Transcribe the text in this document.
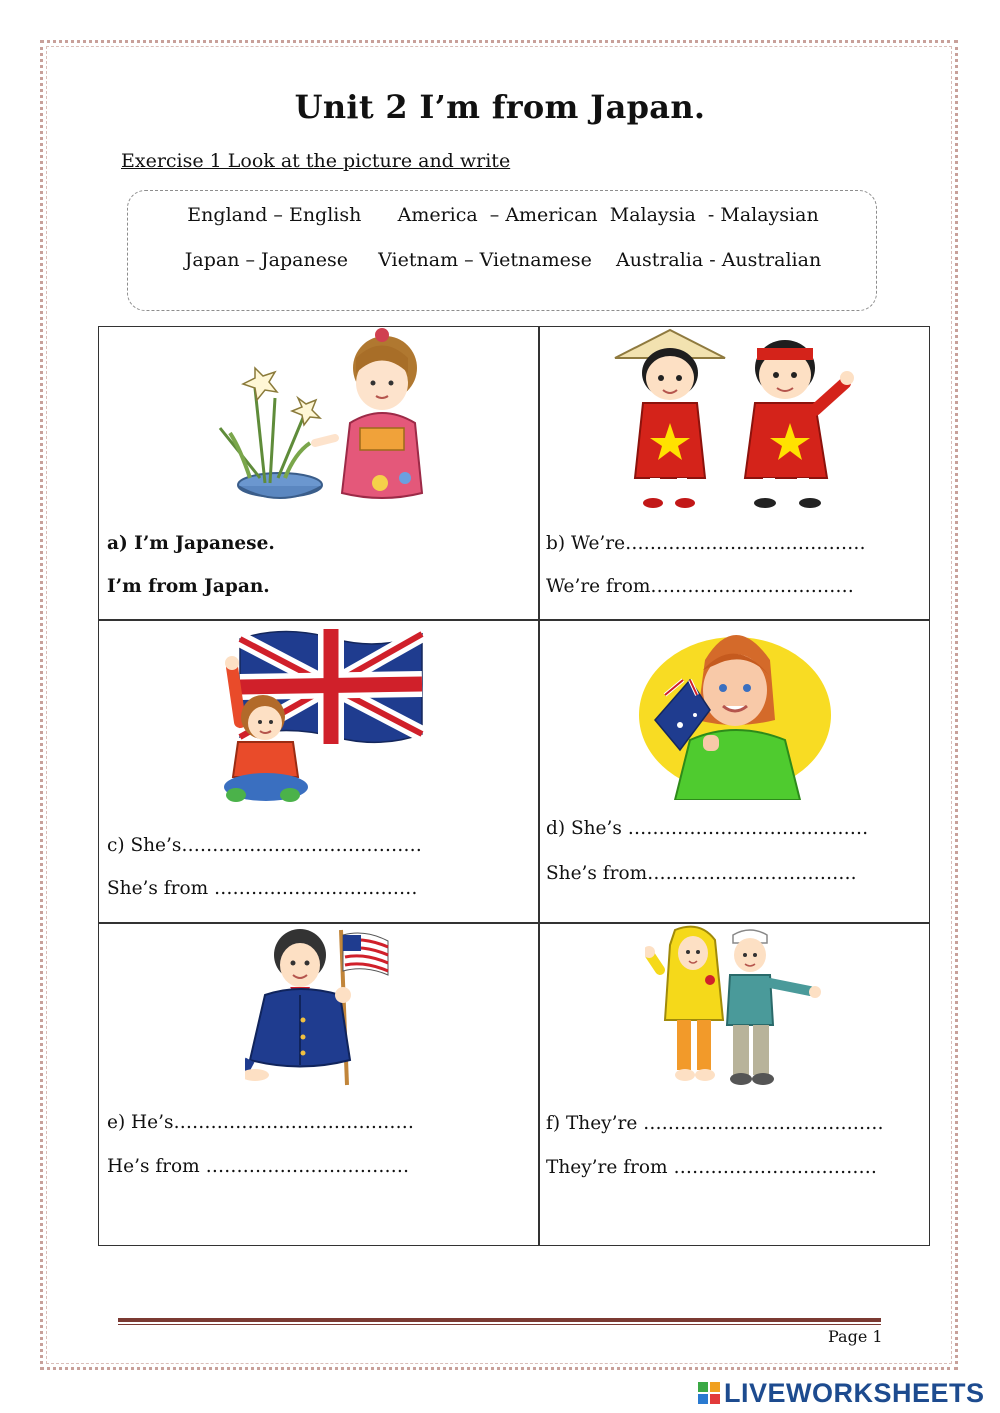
Unit 2 I’m from Japan.
Exercise 1 Look at the picture and write
England – English      America  – American  Malaysia  - Malaysian
Japan – Japanese     Vietnam – Vietnamese    Australia - Australian
a) I’m Japanese.
I’m from Japan.
b) We’re…………………………………
We’re from……………………………
c) She’s…………………………………
She’s from ……………………………
d) She’s …………………………………
She’s from…………………………….
e) He’s…………………………………
He’s from ……………………………
f) They’re …………………………………
They’re from ……………………………
Page 1
LIVEWORKSHEETS
